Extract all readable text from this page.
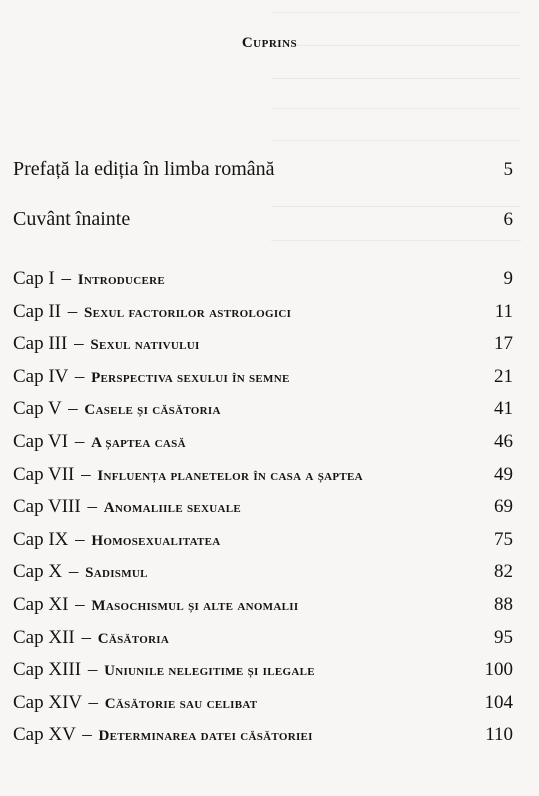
Cuprins
Prefață la ediția în limba română	5
Cuvânt înainte	6
Cap I – Introducere	9
Cap II – Sexul factorilor astrologici	11
Cap III – Sexul nativului	17
Cap IV – Perspectiva sexului în semne	21
Cap V – Casele și căsătoria	41
Cap VI – A șaptea casă	46
Cap VII – Influența planetelor în casa a șaptea	49
Cap VIII – Anomaliile sexuale	69
Cap IX – Homosexualitatea	75
Cap X – Sadismul	82
Cap XI – Masochismul și alte anomalii	88
Cap XII – Căsătoria	95
Cap XIII – Uniunile nelegitime și ilegale	100
Cap XIV – Căsătorie sau celibat	104
Cap XV – Determinarea datei căsătoriei	110
